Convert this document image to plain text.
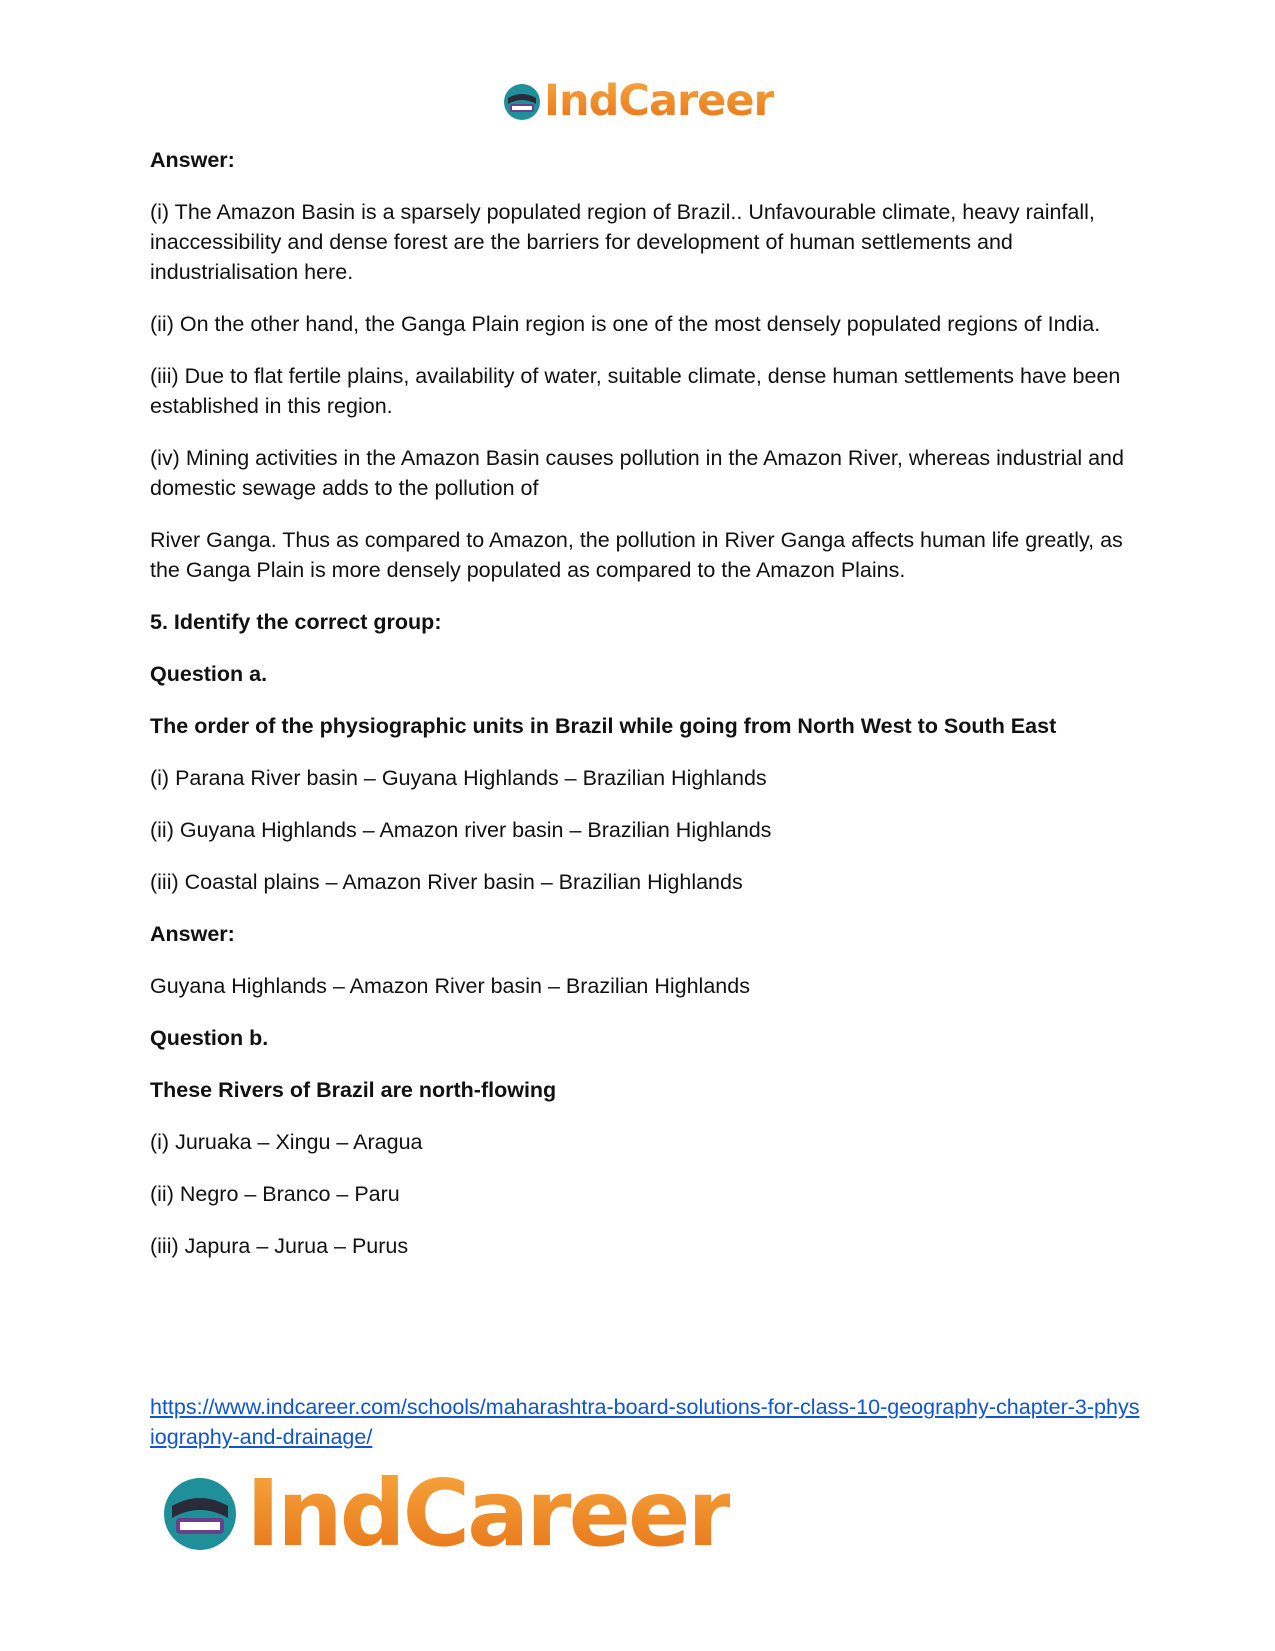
IndCareer

Answer:

(i) The Amazon Basin is a sparsely populated region of Brazil.. Unfavourable climate, heavy rainfall, inaccessibility and dense forest are the barriers for development of human settlements and industrialisation here.

(ii) On the other hand, the Ganga Plain region is one of the most densely populated regions of India.

(iii) Due to flat fertile plains, availability of water, suitable climate, dense human settlements have been established in this region.

(iv) Mining activities in the Amazon Basin causes pollution in the Amazon River, whereas industrial and domestic sewage adds to the pollution of

River Ganga. Thus as compared to Amazon, the pollution in River Ganga affects human life greatly, as the Ganga Plain is more densely populated as compared to the Amazon Plains.

5. Identify the correct group:

Question a.

The order of the physiographic units in Brazil while going from North West to South East

(i) Parana River basin – Guyana Highlands – Brazilian Highlands

(ii) Guyana Highlands – Amazon river basin – Brazilian Highlands

(iii) Coastal plains – Amazon River basin – Brazilian Highlands

Answer:

Guyana Highlands – Amazon River basin – Brazilian Highlands

Question b.

These Rivers of Brazil are north-flowing

(i) Juruaka – Xingu – Aragua

(ii) Negro – Branco – Paru

(iii) Japura – Jurua – Purus

https://www.indcareer.com/schools/maharashtra-board-solutions-for-class-10-geography-chapter-3-physiography-and-drainage/
IndCareer
